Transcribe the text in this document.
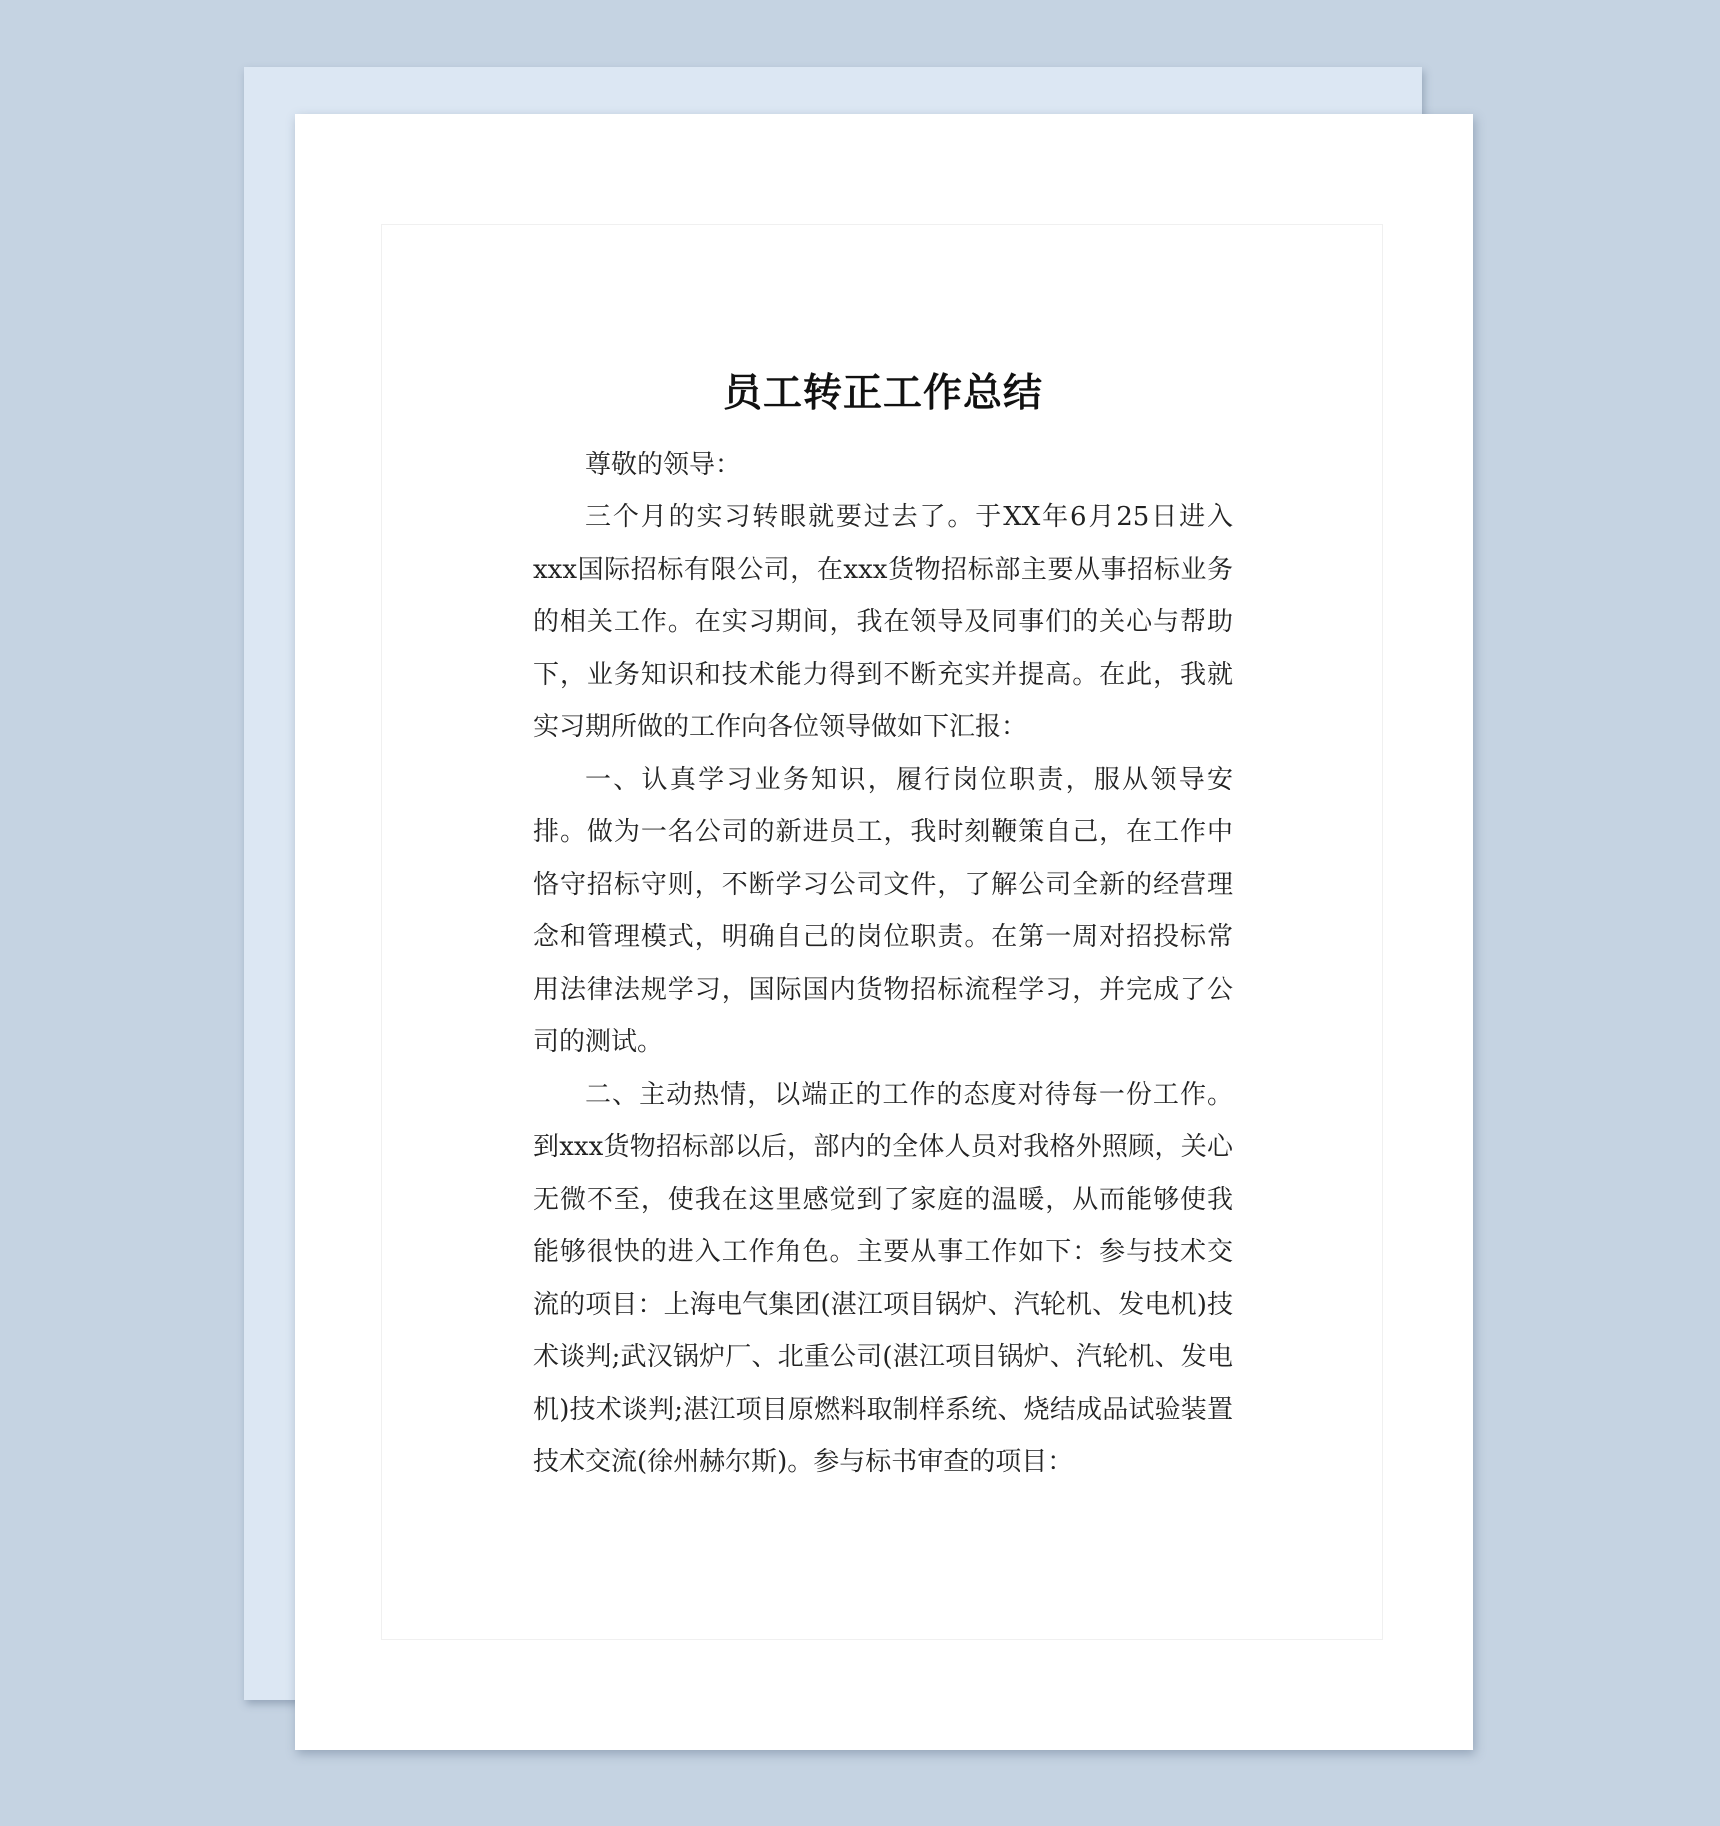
员工转正工作总结

尊敬的领导：

三个月的实习转眼就要过去了。于XX年6月25日进入xxx国际招标有限公司，在xxx货物招标部主要从事招标业务的相关工作。在实习期间，我在领导及同事们的关心与帮助下，业务知识和技术能力得到不断充实并提高。在此，我就实习期所做的工作向各位领导做如下汇报：

一、认真学习业务知识，履行岗位职责，服从领导安排。做为一名公司的新进员工，我时刻鞭策自己，在工作中恪守招标守则，不断学习公司文件，了解公司全新的经营理念和管理模式，明确自己的岗位职责。在第一周对招投标常用法律法规学习，国际国内货物招标流程学习，并完成了公司的测试。

二、主动热情，以端正的工作的态度对待每一份工作。到xxx货物招标部以后，部内的全体人员对我格外照顾，关心无微不至，使我在这里感觉到了家庭的温暖，从而能够使我能够很快的进入工作角色。主要从事工作如下：参与技术交流的项目：上海电气集团(湛江项目锅炉、汽轮机、发电机)技术谈判;武汉锅炉厂、北重公司(湛江项目锅炉、汽轮机、发电机)技术谈判;湛江项目原燃料取制样系统、烧结成品试验装置技术交流(徐州赫尔斯)。参与标书审查的项目：
